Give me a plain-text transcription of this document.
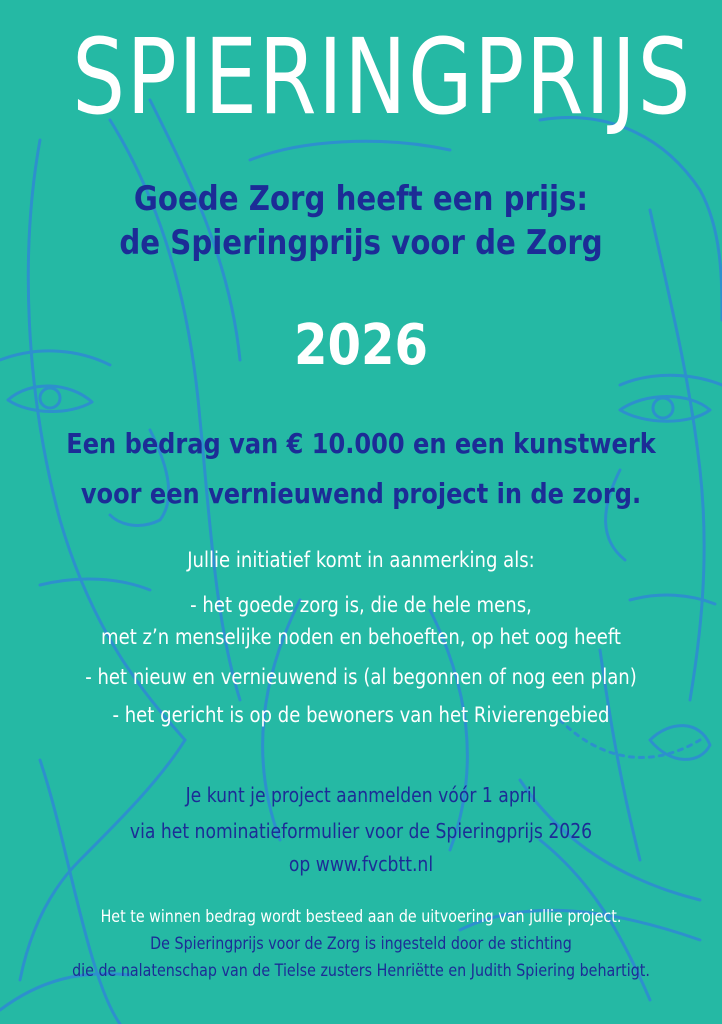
SPIERINGPRIJS
Goede Zorg heeft een prijs:
de Spieringprijs voor de Zorg
2026
Een bedrag van € 10.000 en een kunstwerk
voor een vernieuwend project in de zorg.
Jullie initiatief komt in aanmerking als:
- het goede zorg is, die de hele mens,
met z’n menselijke noden en behoeften, op het oog heeft
- het nieuw en vernieuwend is (al begonnen of nog een plan)
- het gericht is op de bewoners van het Rivierengebied
Je kunt je project aanmelden vóór 1 april
via het nominatieformulier voor de Spieringprijs 2026
op www.fvcbtt.nl
Het te winnen bedrag wordt besteed aan de uitvoering van jullie project.
De Spieringprijs voor de Zorg is ingesteld door de stichting
die de nalatenschap van de Tielse zusters Henriëtte en Judith Spiering behartigt.
